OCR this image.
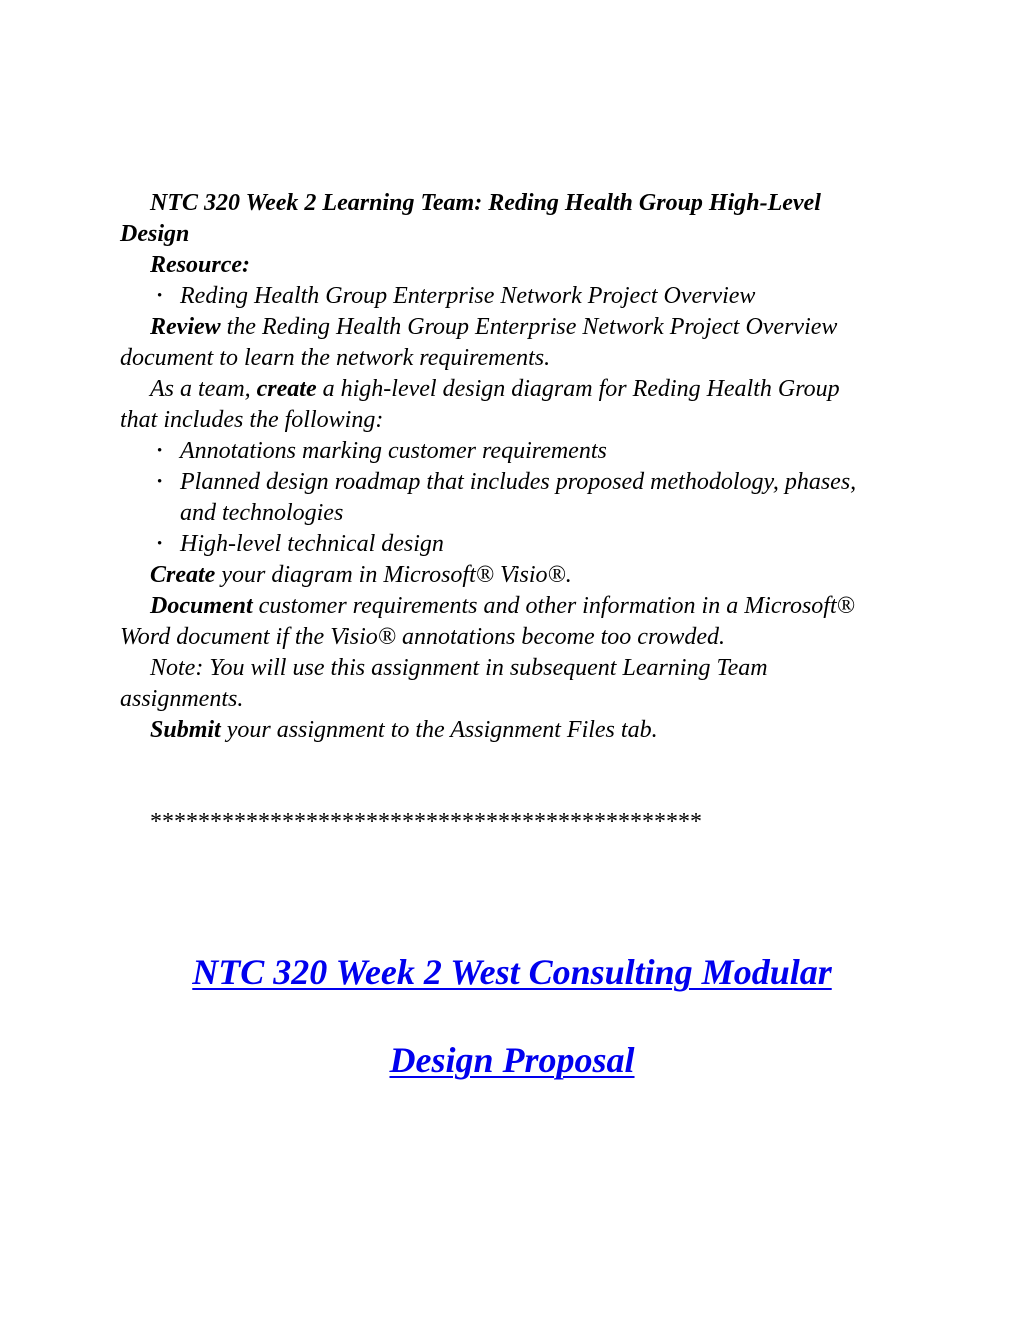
NTC 320 Week 2 Learning Team: Reding Health Group High-Level Design

Resource:

• Reding Health Group Enterprise Network Project Overview

Review the Reding Health Group Enterprise Network Project Overview document to learn the network requirements.

As a team, create a high-level design diagram for Reding Health Group that includes the following:

• Annotations marking customer requirements
• Planned design roadmap that includes proposed methodology, phases, and technologies
• High-level technical design

Create your diagram in Microsoft® Visio®.

Document customer requirements and other information in a Microsoft® Word document if the Visio® annotations become too crowded.

Note: You will use this assignment in subsequent Learning Team assignments.

Submit your assignment to the Assignment Files tab.

**********************************************

NTC 320 Week 2 West Consulting Modular
Design Proposal
